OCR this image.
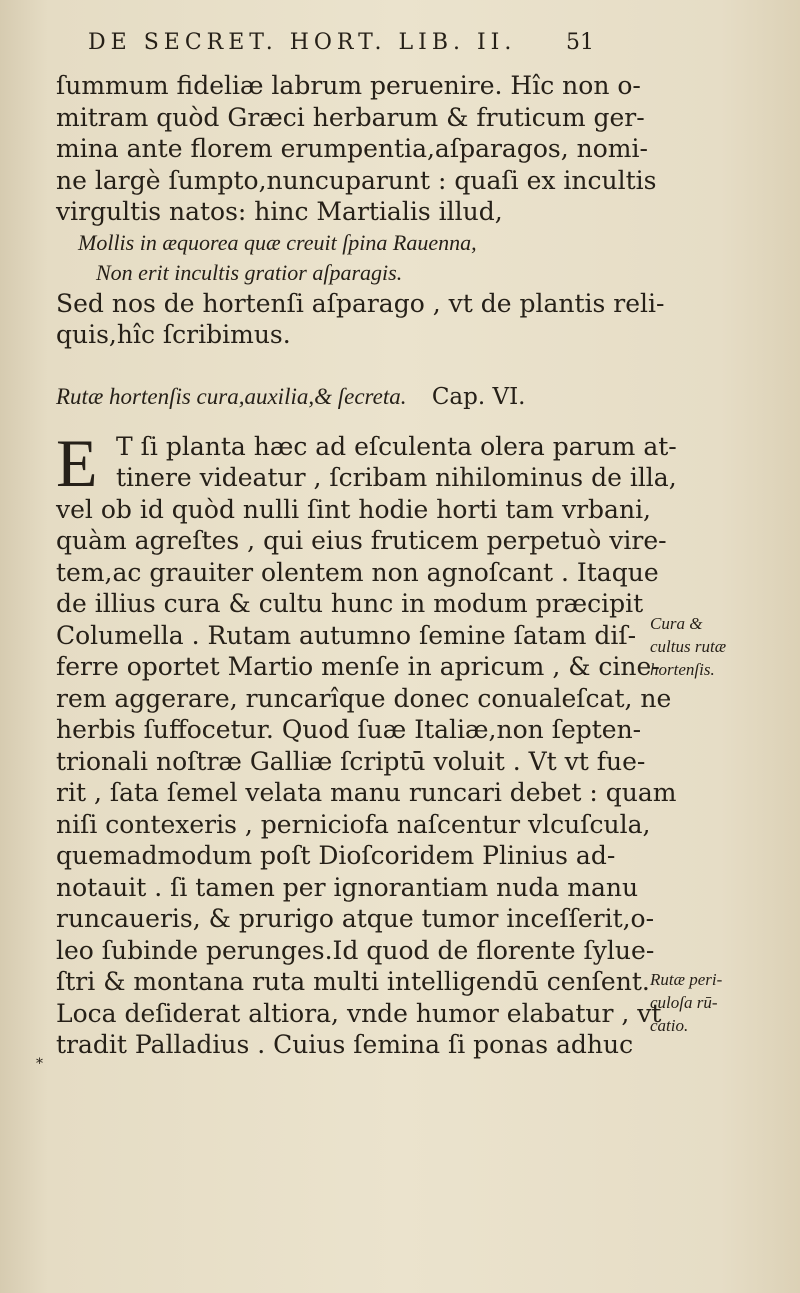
DE SECRET. HORT. LIB. II. 51
ſummum fideliæ labrum peruenire. Hîc non o-
mitram quòd Græci herbarum & fruticum ger-
mina ante florem erumpentia,aſparagos, nomi-
ne largè ſumpto,nuncuparunt : quaſi ex incultis
virgultis natos: hinc Martialis illud,
Mollis in æquorea quæ creuit ſpina Rauenna,
Non erit incultis gratior aſparagis.
Sed nos de hortenſi aſparago , vt de plantis reli-
quis,hîc ſcribimus.
Rutæ hortenſis cura,auxilia,& ſecreta. Cap. VI.
E T ſi planta hæc ad eſculenta olera parum at-
tinere videatur , ſcribam nihilominus de illa,
vel ob id quòd nulli ſint hodie horti tam vrbani,
quàm agreſtes , qui eius fruticem perpetuò vire-
tem,ac grauiter olentem non agnoſcant . Itaque
de illius cura & cultu hunc in modum præcipit
Columella . Rutam autumno ſemine ſatam diſ-
ferre oportet Martio menſe in apricum , & cine-
rem aggerare, runcarîque donec conualeſcat, ne
herbis ſuffocetur. Quod ſuæ Italiæ,non ſepten-
trionali noſtræ Galliæ ſcriptū voluit . Vt vt fue-
rit , ſata ſemel velata manu runcari debet : quam
niſi contexeris , perniciofa naſcentur vlcuſcula,
quemadmodum poſt Dioſcoridem Plinius ad-
notauit . ſi tamen per ignorantiam nuda manu
runcaueris, & prurigo atque tumor inceſſerit,o-
leo ſubinde perunges.Id quod de florente ſylue-
ſtri & montana ruta multi intelligendū cenſent.
Loca deſiderat altiora, vnde humor elabatur , vt
tradit Palladius . Cuius ſemina ſi ponas adhuc
Cura &
cultus rutæ
hortenſis.
Rutæ peri-
culoſa rū-
catio.
*
